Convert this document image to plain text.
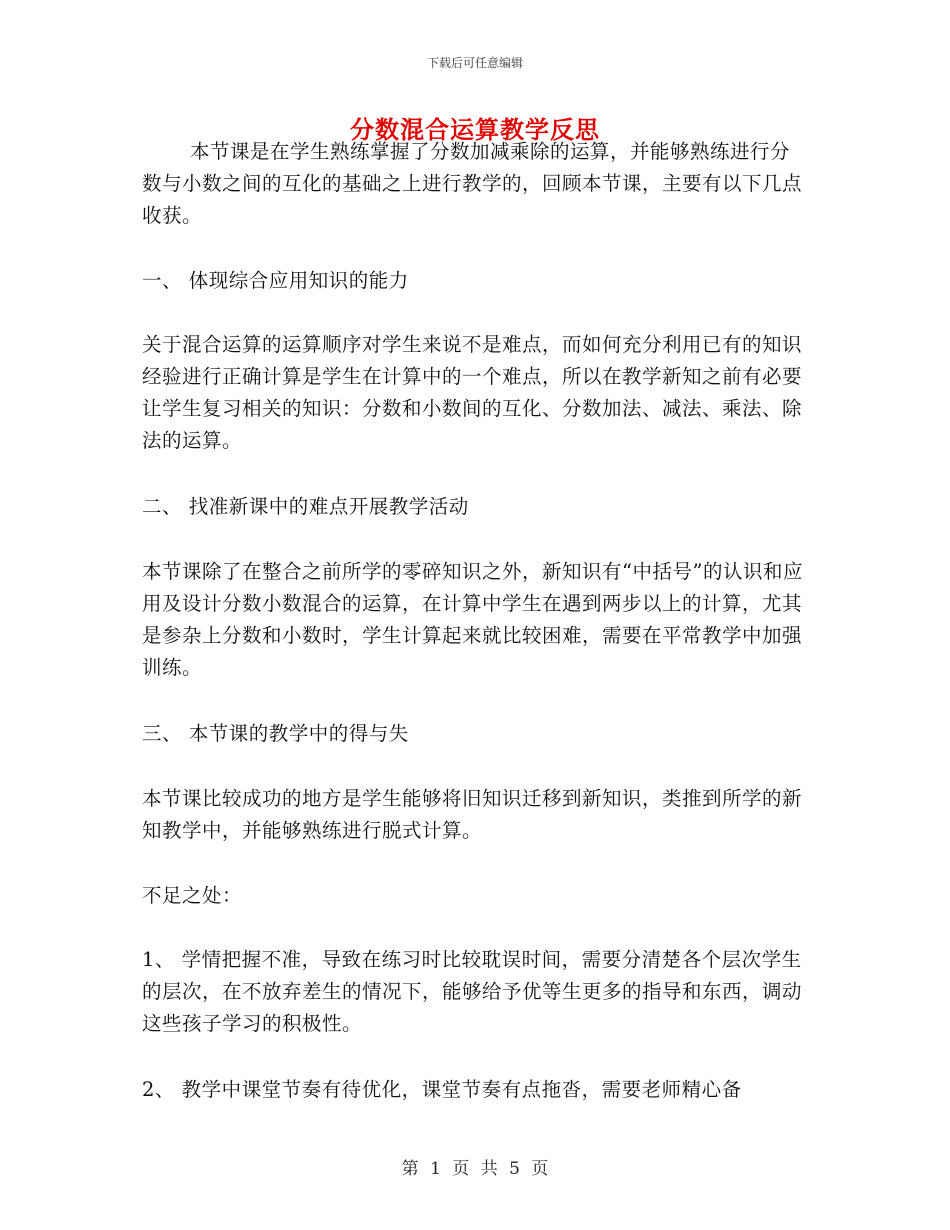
下载后可任意编辑
分数混合运算教学反思

本节课是在学生熟练掌握了分数加减乘除的运算，并能够熟练进行分数与小数之间的互化的基础之上进行教学的，回顾本节课，主要有以下几点收获。

一、 体现综合应用知识的能力

关于混合运算的运算顺序对学生来说不是难点，而如何充分利用已有的知识经验进行正确计算是学生在计算中的一个难点，所以在教学新知之前有必要让学生复习相关的知识：分数和小数间的互化、分数加法、减法、乘法、除法的运算。

二、 找准新课中的难点开展教学活动

本节课除了在整合之前所学的零碎知识之外，新知识有“中括号”的认识和应用及设计分数小数混合的运算，在计算中学生在遇到两步以上的计算，尤其是参杂上分数和小数时，学生计算起来就比较困难，需要在平常教学中加强训练。

三、 本节课的教学中的得与失

本节课比较成功的地方是学生能够将旧知识迁移到新知识，类推到所学的新知教学中，并能够熟练进行脱式计算。

不足之处：

1、 学情把握不准，导致在练习时比较耽误时间，需要分清楚各个层次学生的层次，在不放弃差生的情况下，能够给予优等生更多的指导和东西，调动这些孩子学习的积极性。

2、 教学中课堂节奏有待优化，课堂节奏有点拖沓，需要老师精心备

第 1 页 共 5 页
